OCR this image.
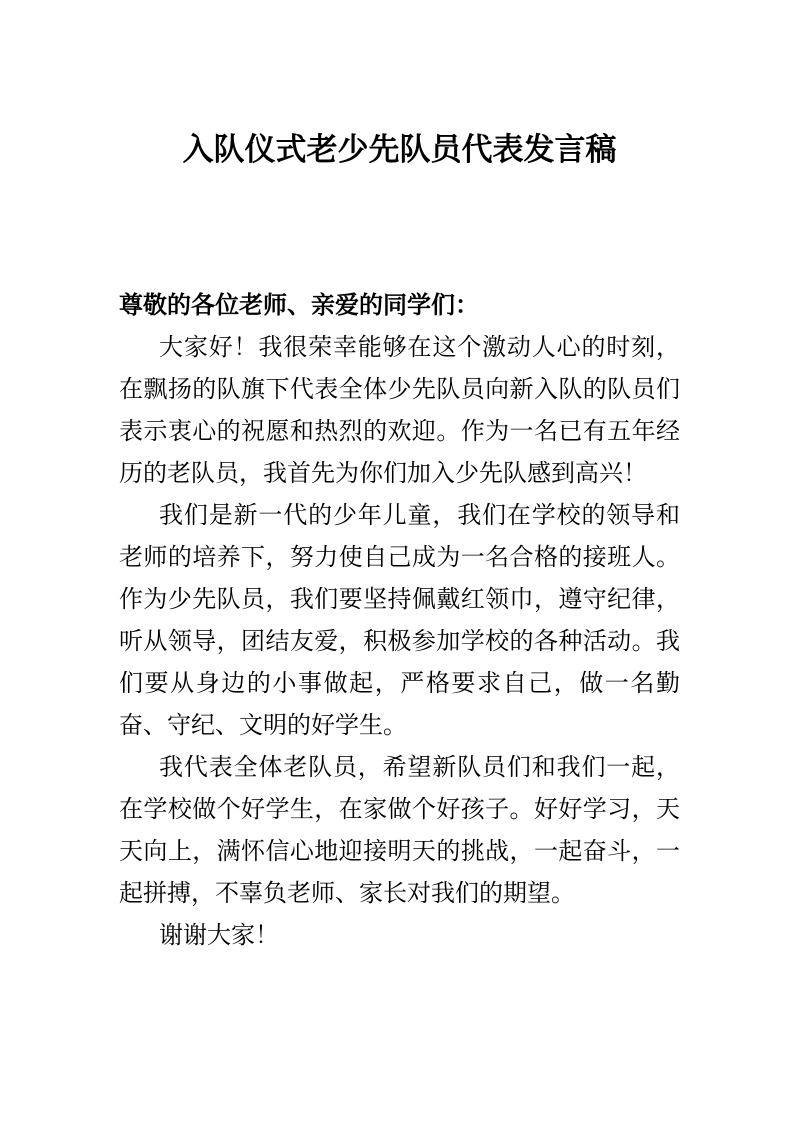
入队仪式老少先队员代表发言稿

尊敬的各位老师、亲爱的同学们：

大家好！我很荣幸能够在这个激动人心的时刻，在飘扬的队旗下代表全体少先队员向新入队的队员们表示衷心的祝愿和热烈的欢迎。作为一名已有五年经历的老队员，我首先为你们加入少先队感到高兴！

我们是新一代的少年儿童，我们在学校的领导和老师的培养下，努力使自己成为一名合格的接班人。作为少先队员，我们要坚持佩戴红领巾，遵守纪律，听从领导，团结友爱，积极参加学校的各种活动。我们要从身边的小事做起，严格要求自己，做一名勤奋、守纪、文明的好学生。

我代表全体老队员，希望新队员们和我们一起，在学校做个好学生，在家做个好孩子。好好学习，天天向上，满怀信心地迎接明天的挑战，一起奋斗，一起拼搏，不辜负老师、家长对我们的期望。

谢谢大家！
